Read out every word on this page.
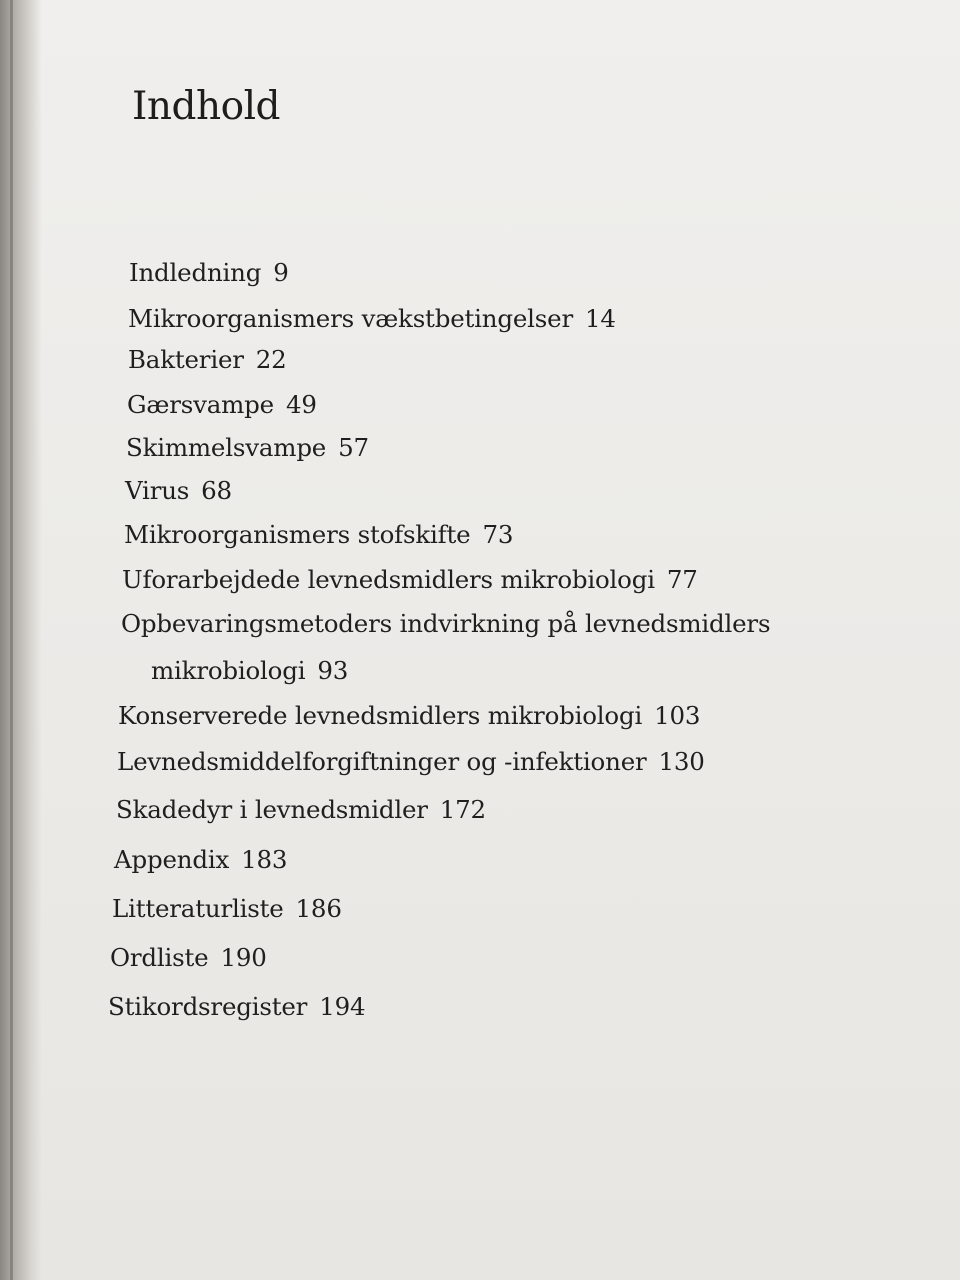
Indhold
Indledning 9
Mikroorganismers vækstbetingelser 14
Bakterier 22
Gærsvampe 49
Skimmelsvampe 57
Virus 68
Mikroorganismers stofskifte 73
Uforarbejdede levnedsmidlers mikrobiologi 77
Opbevaringsmetoders indvirkning på levnedsmidlers
mikrobiologi 93
Konserverede levnedsmidlers mikrobiologi 103
Levnedsmiddelforgiftninger og -infektioner 130
Skadedyr i levnedsmidler 172
Appendix 183
Litteraturliste 186
Ordliste 190
Stikordsregister 194
